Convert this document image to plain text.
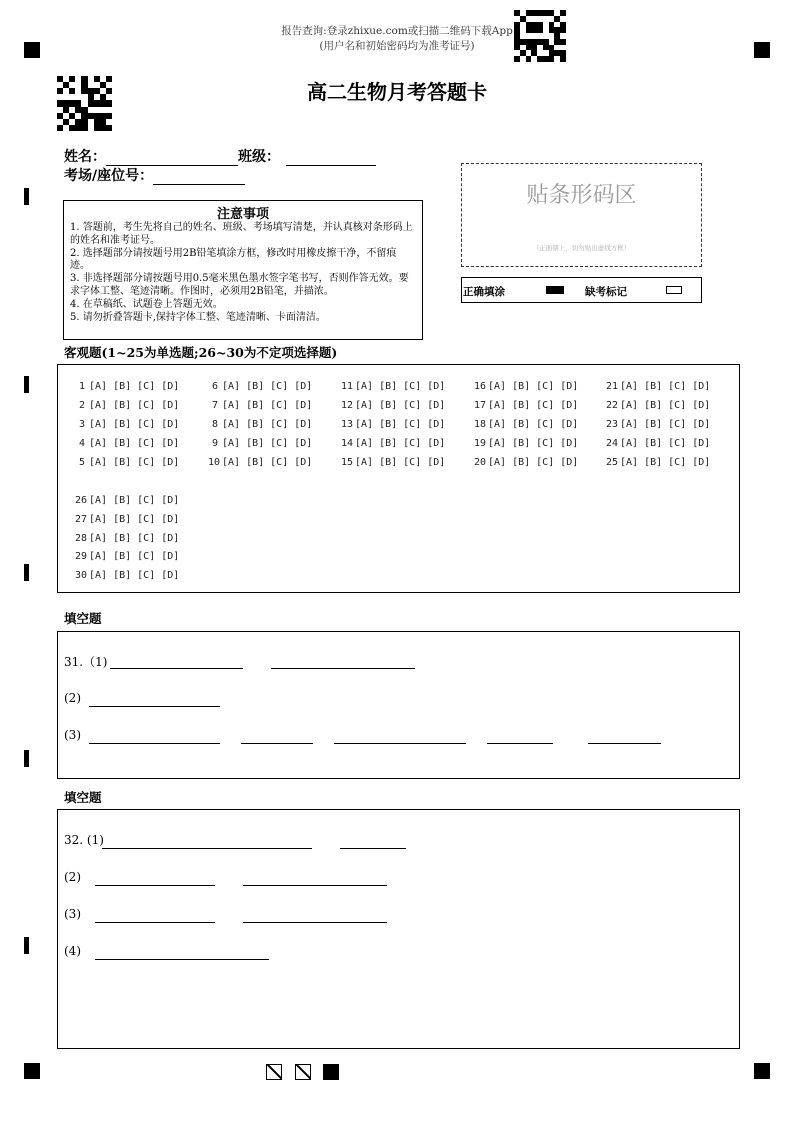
报告查询:登录zhixue.com或扫描二维码下载App
(用户名和初始密码均为准考证号)
高二生物月考答题卡
姓名：	班级：
考场/座位号：
注意事项

1. 答题前，考生先将自己的姓名、班级、考场填写清楚，并认真核对条形码上的姓名和准考证号。

2. 选择题部分请按题号用2B铅笔填涂方框，修改时用橡皮擦干净，不留痕迹。

3. 非选择题部分请按题号用0.5毫米黑色墨水签字笔书写，否则作答无效。要求字体工整、笔迹清晰。作图时，必须用2B铅笔，并描浓。

4. 在草稿纸、试题卷上答题无效。

5. 请勿折叠答题卡,保持字体工整、笔迹清晰、卡面清洁。

贴条形码区
（正面朝上，切勿贴出虚线方框）
正确填涂	缺考标记
客观题(1~25为单选题;26~30为不定项选择题)
1 [A] [B] [C] [D]
2 [A] [B] [C] [D]
3 [A] [B] [C] [D]
4 [A] [B] [C] [D]
5 [A] [B] [C] [D]
6 [A] [B] [C] [D]
7 [A] [B] [C] [D]
8 [A] [B] [C] [D]
9 [A] [B] [C] [D]
10 [A] [B] [C] [D]
11 [A] [B] [C] [D]
12 [A] [B] [C] [D]
13 [A] [B] [C] [D]
14 [A] [B] [C] [D]
15 [A] [B] [C] [D]
16 [A] [B] [C] [D]
17 [A] [B] [C] [D]
18 [A] [B] [C] [D]
19 [A] [B] [C] [D]
20 [A] [B] [C] [D]
21 [A] [B] [C] [D]
22 [A] [B] [C] [D]
23 [A] [B] [C] [D]
24 [A] [B] [C] [D]
25 [A] [B] [C] [D]
26 [A] [B] [C] [D]
27 [A] [B] [C] [D]
28 [A] [B] [C] [D]
29 [A] [B] [C] [D]
30 [A] [B] [C] [D]
填空题
31.（1)
(2)
(3)
填空题
32. (1)
(2)
(3)
(4)
